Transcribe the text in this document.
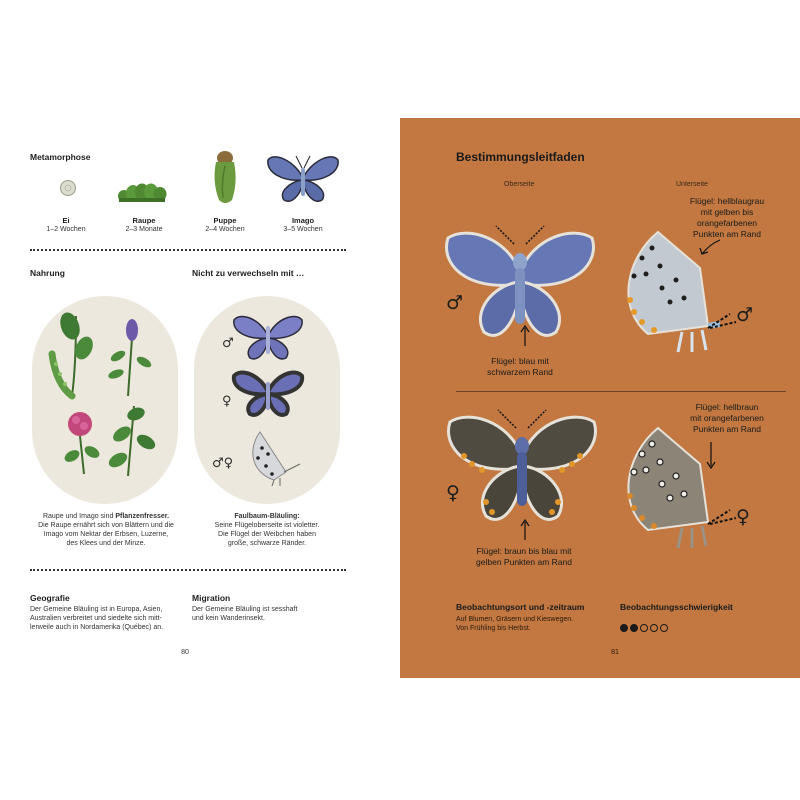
Metamorphose
Ei
1–2 Wochen
Raupe
2–3 Monate
Puppe
2–4 Wochen
Imago
3–5 Wochen
Nahrung	Nicht zu verwechseln mit …
♂
♀
♂♀
Raupe und Imago sind Pflanzenfresser.
Die Raupe ernährt sich von Blättern und die
Imago vom Nektar der Erbsen, Luzerne,
des Klees und der Minze.
Faulbaum-Bläuling:
Seine Flügeloberseite ist violetter.
Die Flügel der Weibchen haben
große, schwarze Ränder.
Geografie
Der Gemeine Bläuling ist in Europa, Asien,
Australien verbreitet und siedelte sich mitt-
lerweile auch in Nordamerika (Québec) an.
Migration
Der Gemeine Bläuling ist sesshaft
und kein Wanderinsekt.
80
Bestimmungsleitfaden
Oberseite	Unterseite
♂
Flügel: blau mit
schwarzem Rand
♂
Flügel: hellblaugrau
mit gelben bis
orangefarbenen
Punkten am Rand
♀
Flügel: braun bis blau mit
gelben Punkten am Rand
♀
Flügel: hellbraun
mit orangefarbenen
Punkten am Rand
Beobachtungsort und -zeitraum
Auf Blumen, Gräsern und Kieswegen.
Von Frühling bis Herbst.
Beobachtungsschwierigkeit
81
